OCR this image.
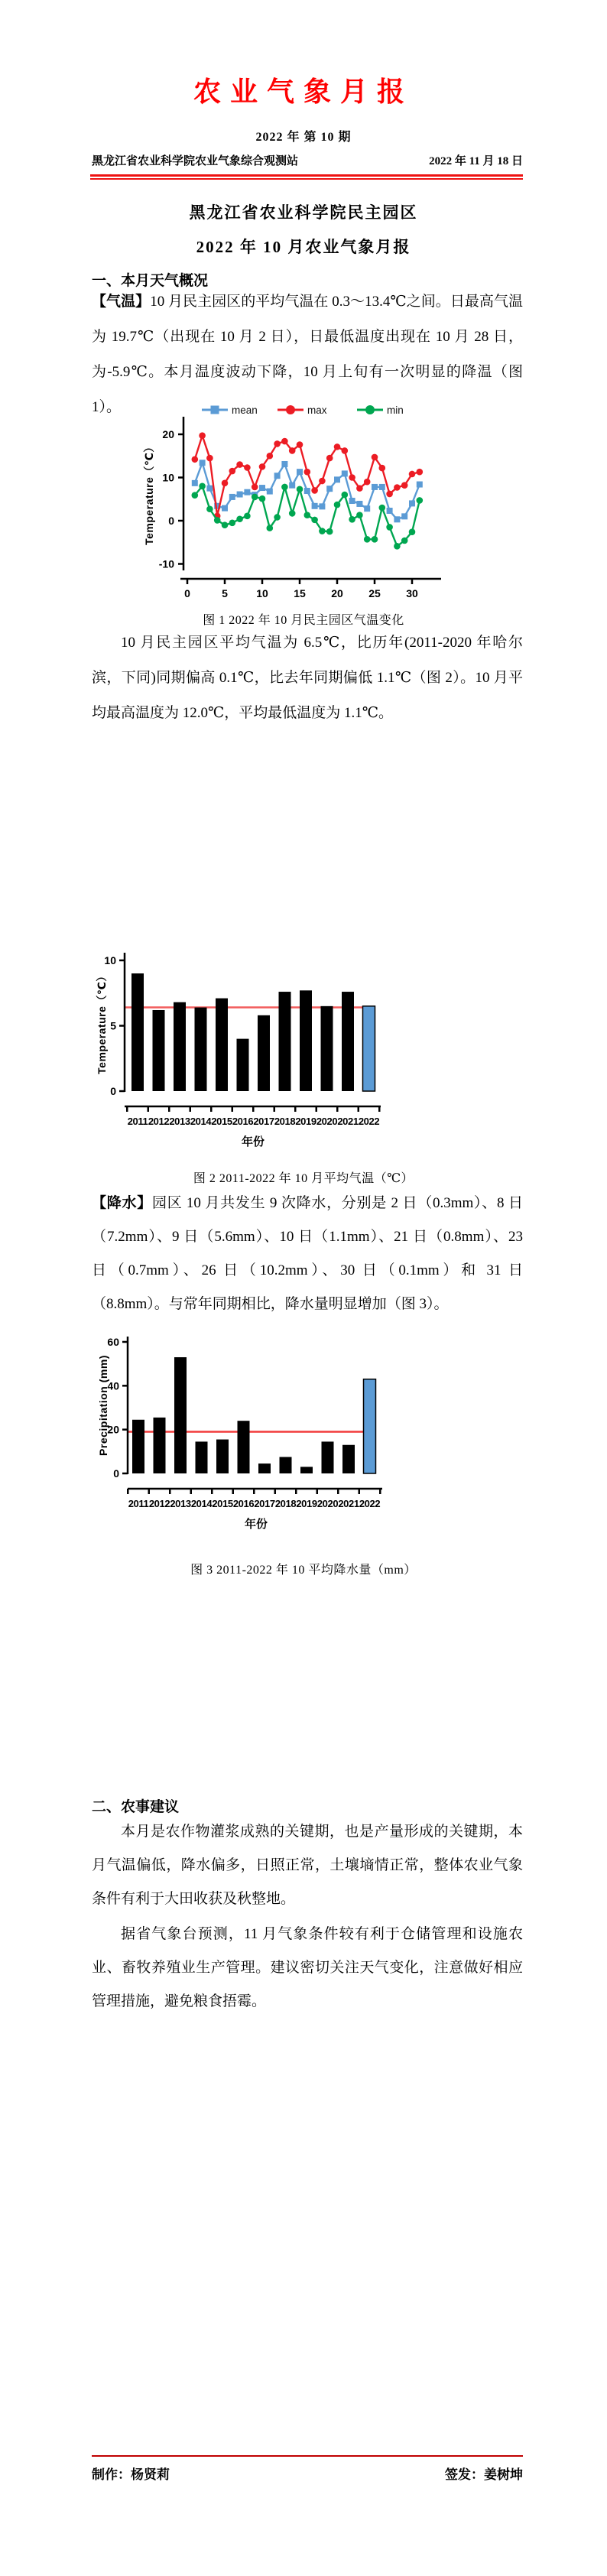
农业气象月报
2022 年 第 10 期
黑龙江省农业科学院农业气象综合观测站	2022 年 11 月 18 日
黑龙江省农业科学院民主园区
2022 年 10 月农业气象月报
一、本月天气概况
【气温】10 月民主园区的平均气温在 0.3～13.4℃之间。日最高气温为 19.7℃（出现在 10 月 2 日），日最低温度出现在 10 月 28 日，为-5.9℃。本月温度波动下降，10 月上旬有一次明显的降温（图 1）。	mean	max	min
20
10
0
-10
Temperature（℃）
0	5	10 15 20 25 30
图 1 2022 年 10 月民主园区气温变化
10 月民主园区平均气温为 6.5℃，比历年(2011-2020 年哈尔滨，下同)同期偏高 0.1℃，比去年同期偏低 1.1℃（图 2）。10 月平均最高温度为 12.0℃，平均最低温度为 1.1℃。
0
5
10
Temperature（℃）
2011 2012 2013 2014 2015 2016 2017 2018 2019 2020 2021 2022
年份
图 2 2011-2022 年 10 月平均气温（℃）
【降水】园区 10 月共发生 9 次降水，分别是 2 日（0.3mm）、8 日（7.2mm）、9 日（5.6mm）、10 日（1.1mm）、21 日（0.8mm）、23 日（0.7mm）、26 日（10.2mm）、30 日（0.1mm）和 31 日（8.8mm）。与常年同期相比，降水量明显增加（图 3）。
0
20
40
60
Precipitation (mm)
2011 2012 2013 2014 2015 2016 2017 2018 2019 2020 2021 2022
年份
图 3 2011-2022 年 10 平均降水量（mm）
二、农事建议
本月是农作物灌浆成熟的关键期，也是产量形成的关键期，本月气温偏低，降水偏多，日照正常，土壤墒情正常，整体农业气象条件有利于大田收获及秋整地。
据省气象台预测，11 月气象条件较有利于仓储管理和设施农业、畜牧养殖业生产管理。建议密切关注天气变化，注意做好相应管理措施，避免粮食捂霉。
制作：杨贤莉	签发：姜树坤
